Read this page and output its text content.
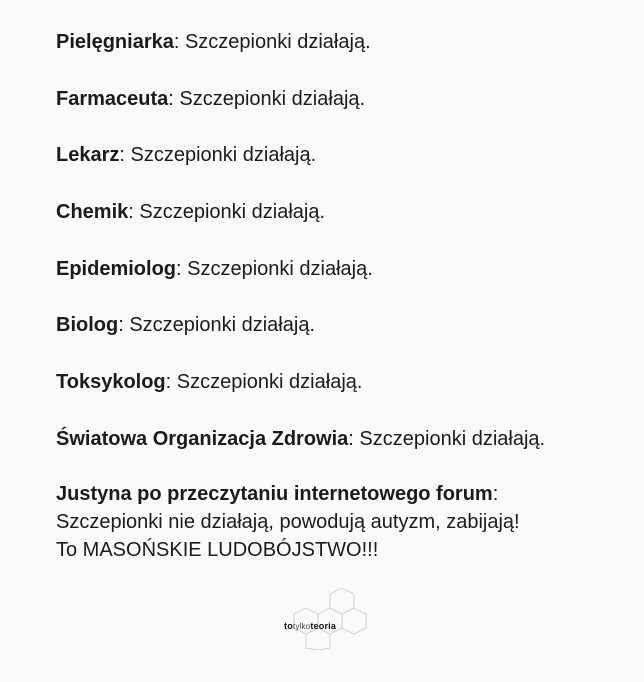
Pielęgniarka: Szczepionki działają.
Farmaceuta: Szczepionki działają.
Lekarz: Szczepionki działają.
Chemik: Szczepionki działają.
Epidemiolog: Szczepionki działają.
Biolog: Szczepionki działają.
Toksykolog: Szczepionki działają.
Światowa Organizacja Zdrowia: Szczepionki działają.
Justyna po przeczytaniu internetowego forum:
Szczepionki nie działają, powodują autyzm, zabijają!
To MASOŃSKIE LUDOBÓJSTWO!!!
totylkoteoria
